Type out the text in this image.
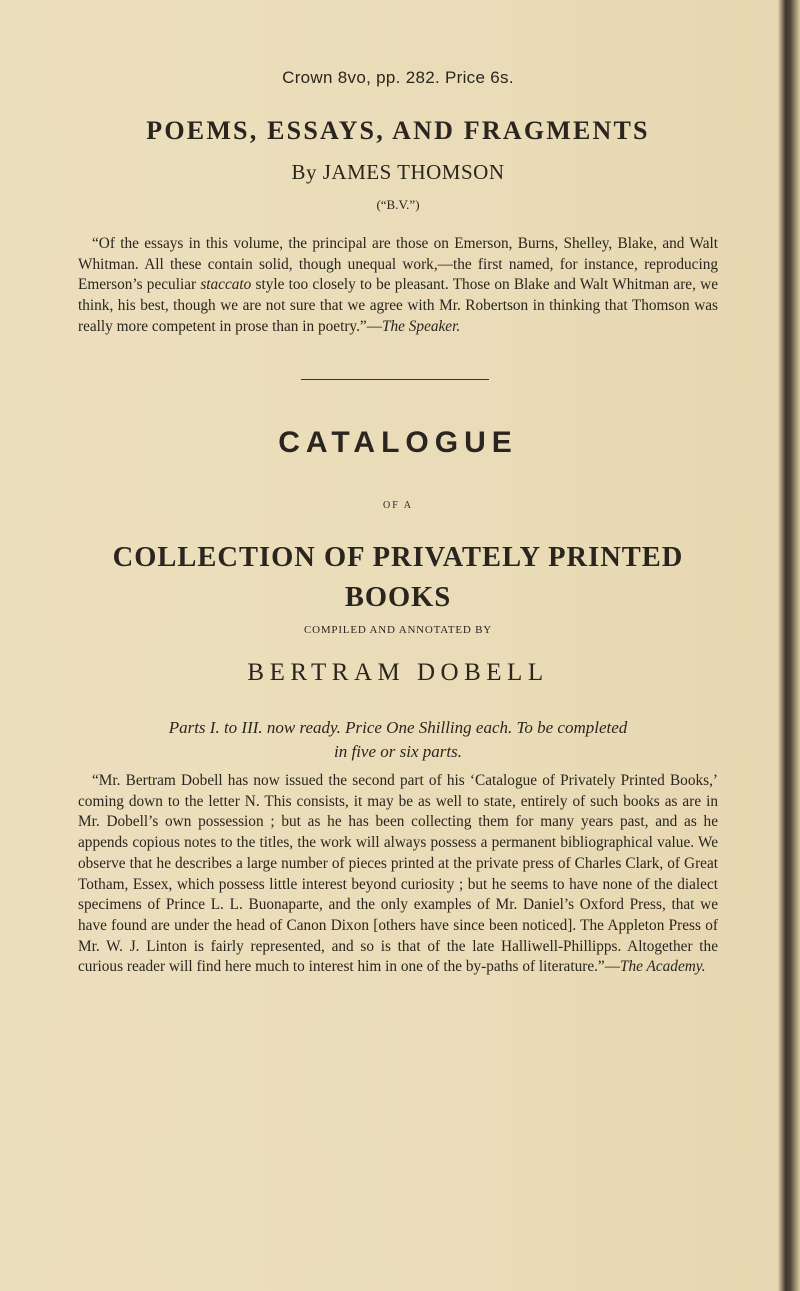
Crown 8vo, pp. 282. Price 6s.
POEMS, ESSAYS, AND FRAGMENTS
By JAMES THOMSON
(“B.V.”)

“Of the essays in this volume, the principal are those on Emerson, Burns, Shelley, Blake, and Walt Whitman. All these contain solid, though unequal work,—the first named, for instance, reproducing Emerson’s peculiar staccato style too closely to be pleasant. Those on Blake and Walt Whitman are, we think, his best, though we are not sure that we agree with Mr. Robertson in thinking that Thomson was really more competent in prose than in poetry.”—The Speaker.

CATALOGUE
OF A
COLLECTION OF PRIVATELY PRINTED
BOOKS
COMPILED AND ANNOTATED BY
BERTRAM DOBELL
Parts I. to III. now ready. Price One Shilling each. To be completed
in five or six parts.

“Mr. Bertram Dobell has now issued the second part of his ‘Catalogue of Privately Printed Books,’ coming down to the letter N. This consists, it may be as well to state, entirely of such books as are in Mr. Dobell’s own possession ; but as he has been collecting them for many years past, and as he appends copious notes to the titles, the work will always possess a permanent bibliographical value. We observe that he describes a large number of pieces printed at the private press of Charles Clark, of Great Totham, Essex, which possess little interest beyond curiosity ; but he seems to have none of the dialect specimens of Prince L. L. Buonaparte, and the only examples of Mr. Daniel’s Oxford Press, that we have found are under the head of Canon Dixon [others have since been noticed]. The Appleton Press of Mr. W. J. Linton is fairly represented, and so is that of the late Halliwell-Phillipps. Altogether the curious reader will find here much to interest him in one of the by-paths of literature.”—The Academy.
